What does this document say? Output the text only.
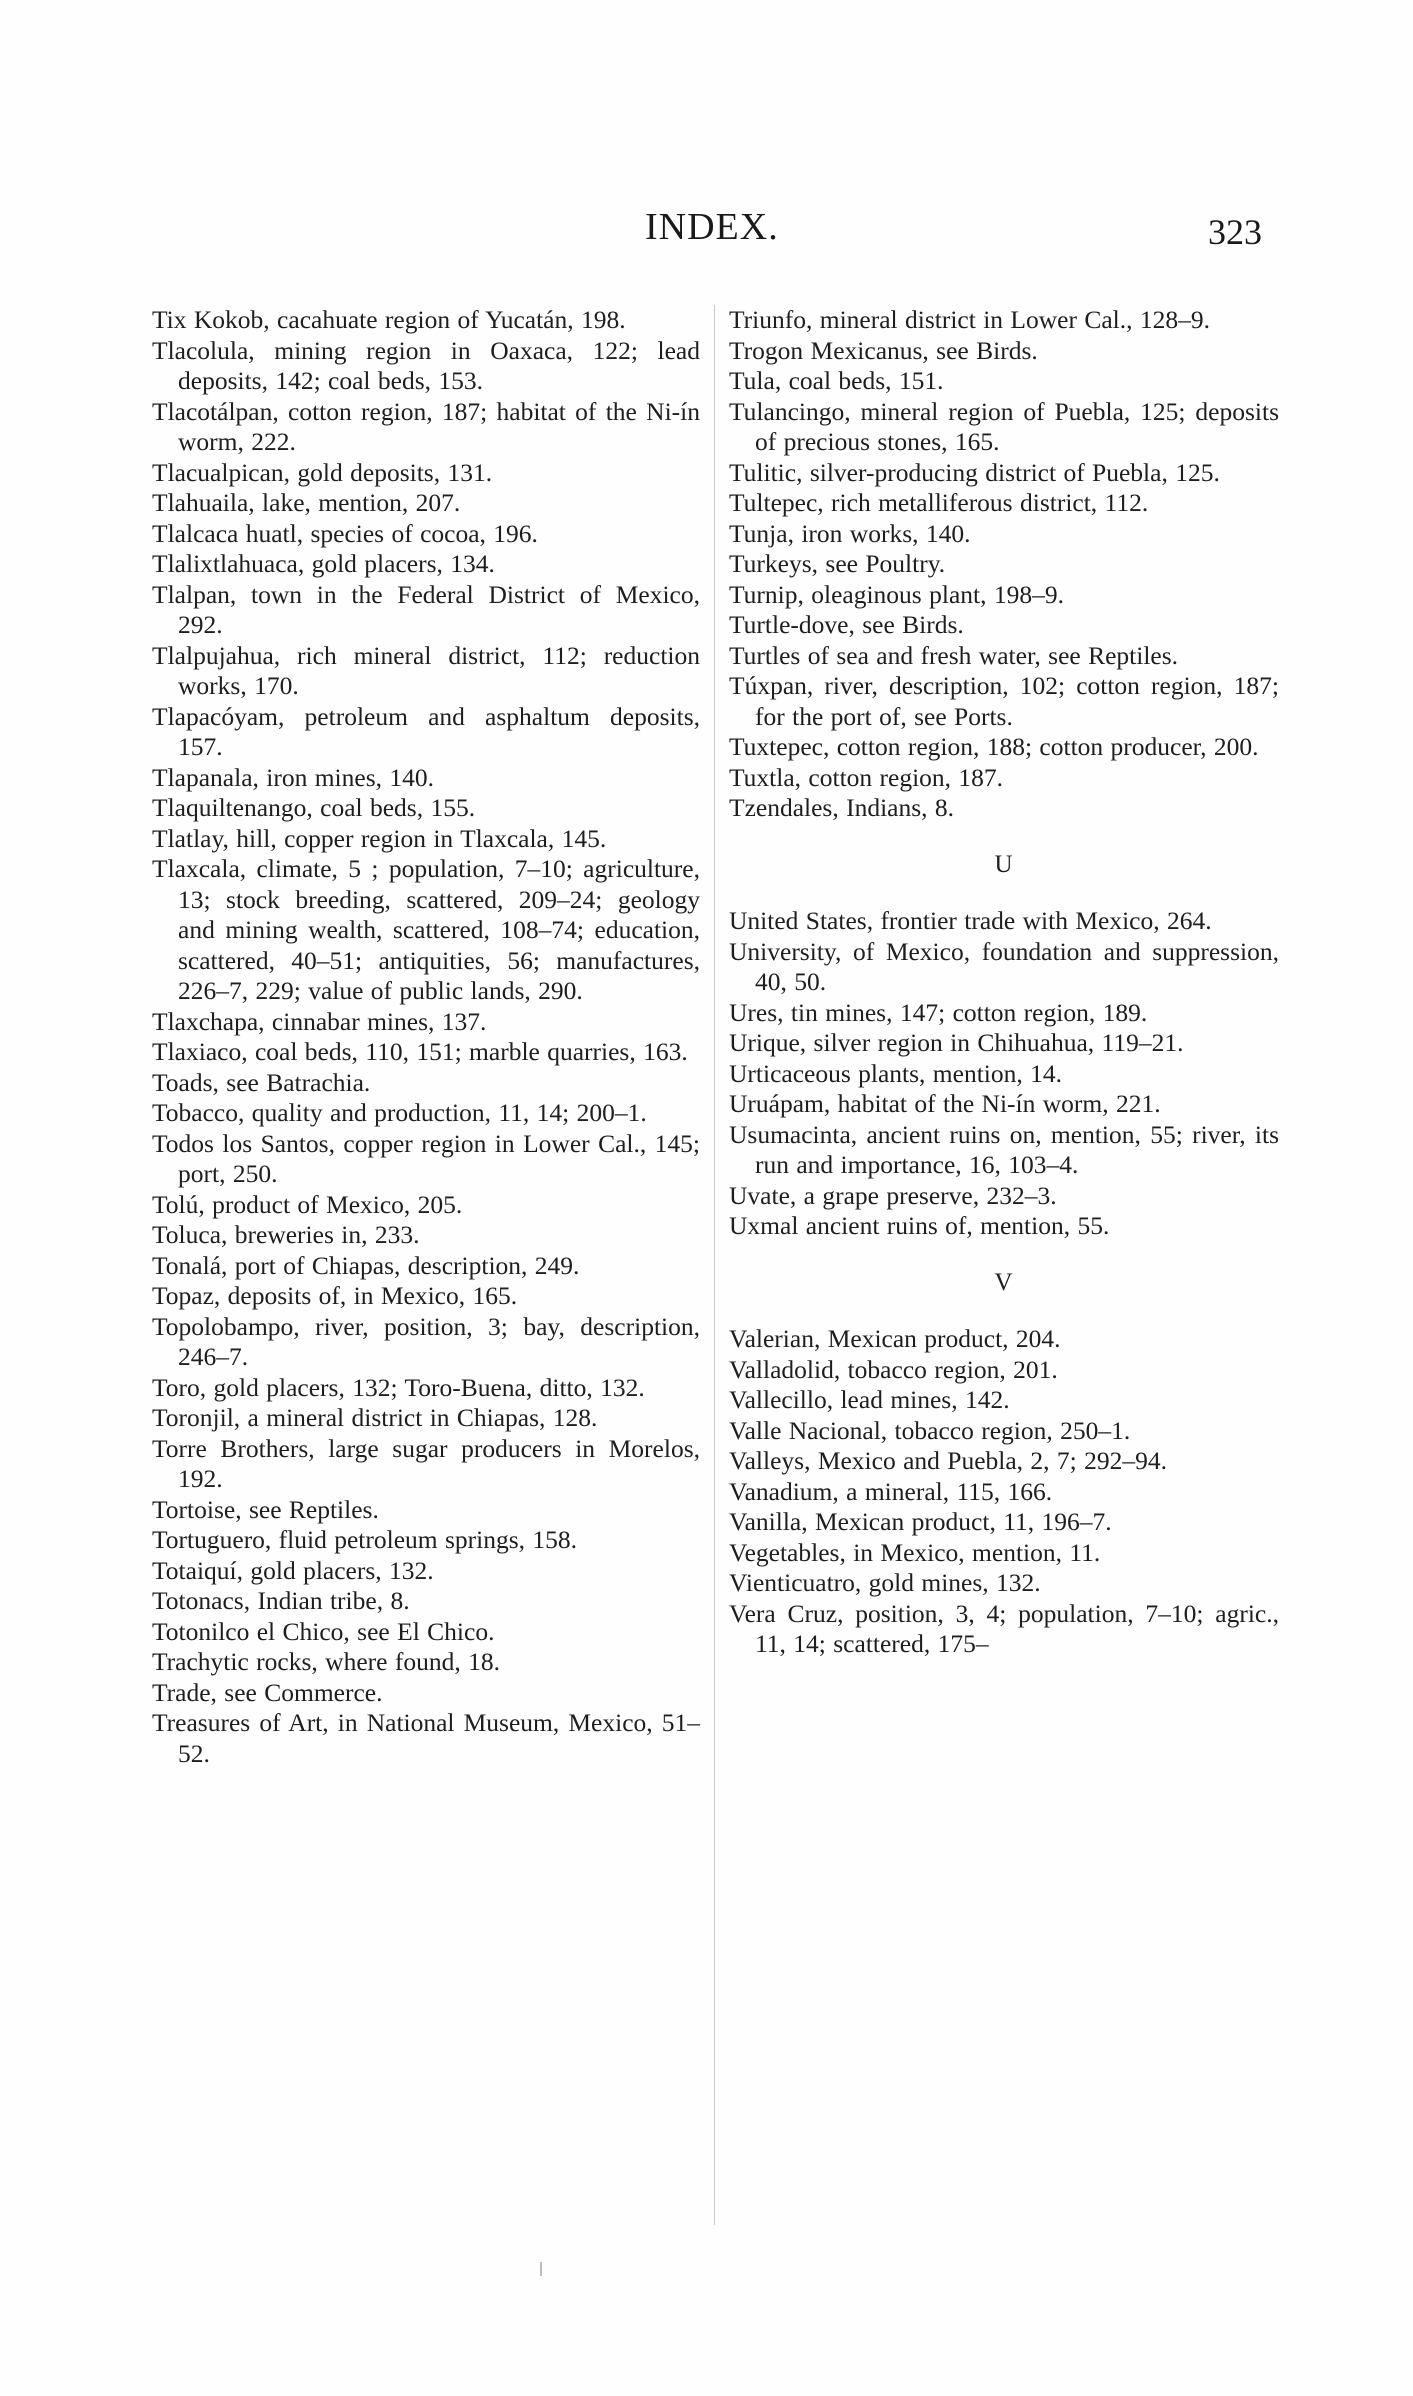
INDEX.	323

Tix Kokob, cacahuate region of Yucatán, 198.

Tlacolula, mining region in Oaxaca, 122; lead deposits, 142; coal beds, 153.

Tlacotálpan, cotton region, 187; habitat of the Ni-ín worm, 222.

Tlacualpican, gold deposits, 131.

Tlahuaila, lake, mention, 207.

Tlalcaca huatl, species of cocoa, 196.

Tlalixtlahuaca, gold placers, 134.

Tlalpan, town in the Federal District of Mexico, 292.

Tlalpujahua, rich mineral district, 112; reduction works, 170.

Tlapacóyam, petroleum and asphaltum deposits, 157.

Tlapanala, iron mines, 140.

Tlaquiltenango, coal beds, 155.

Tlatlay, hill, copper region in Tlaxcala, 145.

Tlaxcala, climate, 5 ; population, 7–10; agriculture, 13; stock breeding, scattered, 209–24; geology and mining wealth, scattered, 108–74; education, scattered, 40–51; antiquities, 56; manufactures, 226–7, 229; value of public lands, 290.

Tlaxchapa, cinnabar mines, 137.

Tlaxiaco, coal beds, 110, 151; marble quarries, 163.

Toads, see Batrachia.

Tobacco, quality and production, 11, 14; 200–1.

Todos los Santos, copper region in Lower Cal., 145; port, 250.

Tolú, product of Mexico, 205.

Toluca, breweries in, 233.

Tonalá, port of Chiapas, description, 249.

Topaz, deposits of, in Mexico, 165.

Topolobampo, river, position, 3; bay, description, 246–7.

Toro, gold placers, 132; Toro-Buena, ditto, 132.

Toronjil, a mineral district in Chiapas, 128.

Torre Brothers, large sugar producers in Morelos, 192.

Tortoise, see Reptiles.

Tortuguero, fluid petroleum springs, 158.

Totaiquí, gold placers, 132.

Totonacs, Indian tribe, 8.

Totonilco el Chico, see El Chico.

Trachytic rocks, where found, 18.

Trade, see Commerce.

Treasures of Art, in National Museum, Mexico, 51–52.

Triunfo, mineral district in Lower Cal., 128–9.

Trogon Mexicanus, see Birds.

Tula, coal beds, 151.

Tulancingo, mineral region of Puebla, 125; deposits of precious stones, 165.

Tulitic, silver-producing district of Puebla, 125.

Tultepec, rich metalliferous district, 112.

Tunja, iron works, 140.

Turkeys, see Poultry.

Turnip, oleaginous plant, 198–9.

Turtle-dove, see Birds.

Turtles of sea and fresh water, see Reptiles.

Túxpan, river, description, 102; cotton region, 187; for the port of, see Ports.

Tuxtepec, cotton region, 188; cotton producer, 200.

Tuxtla, cotton region, 187.

Tzendales, Indians, 8.

U

United States, frontier trade with Mexico, 264.

University, of Mexico, foundation and suppression, 40, 50.

Ures, tin mines, 147; cotton region, 189.

Urique, silver region in Chihuahua, 119–21.

Urticaceous plants, mention, 14.

Uruápam, habitat of the Ni-ín worm, 221.

Usumacinta, ancient ruins on, mention, 55; river, its run and importance, 16, 103–4.

Uvate, a grape preserve, 232–3.

Uxmal ancient ruins of, mention, 55.

V

Valerian, Mexican product, 204.

Valladolid, tobacco region, 201.

Vallecillo, lead mines, 142.

Valle Nacional, tobacco region, 250–1.

Valleys, Mexico and Puebla, 2, 7; 292–94.

Vanadium, a mineral, 115, 166.

Vanilla, Mexican product, 11, 196–7.

Vegetables, in Mexico, mention, 11.

Vienticuatro, gold mines, 132.

Vera Cruz, position, 3, 4; population, 7–10; agric., 11, 14; scattered, 175–
